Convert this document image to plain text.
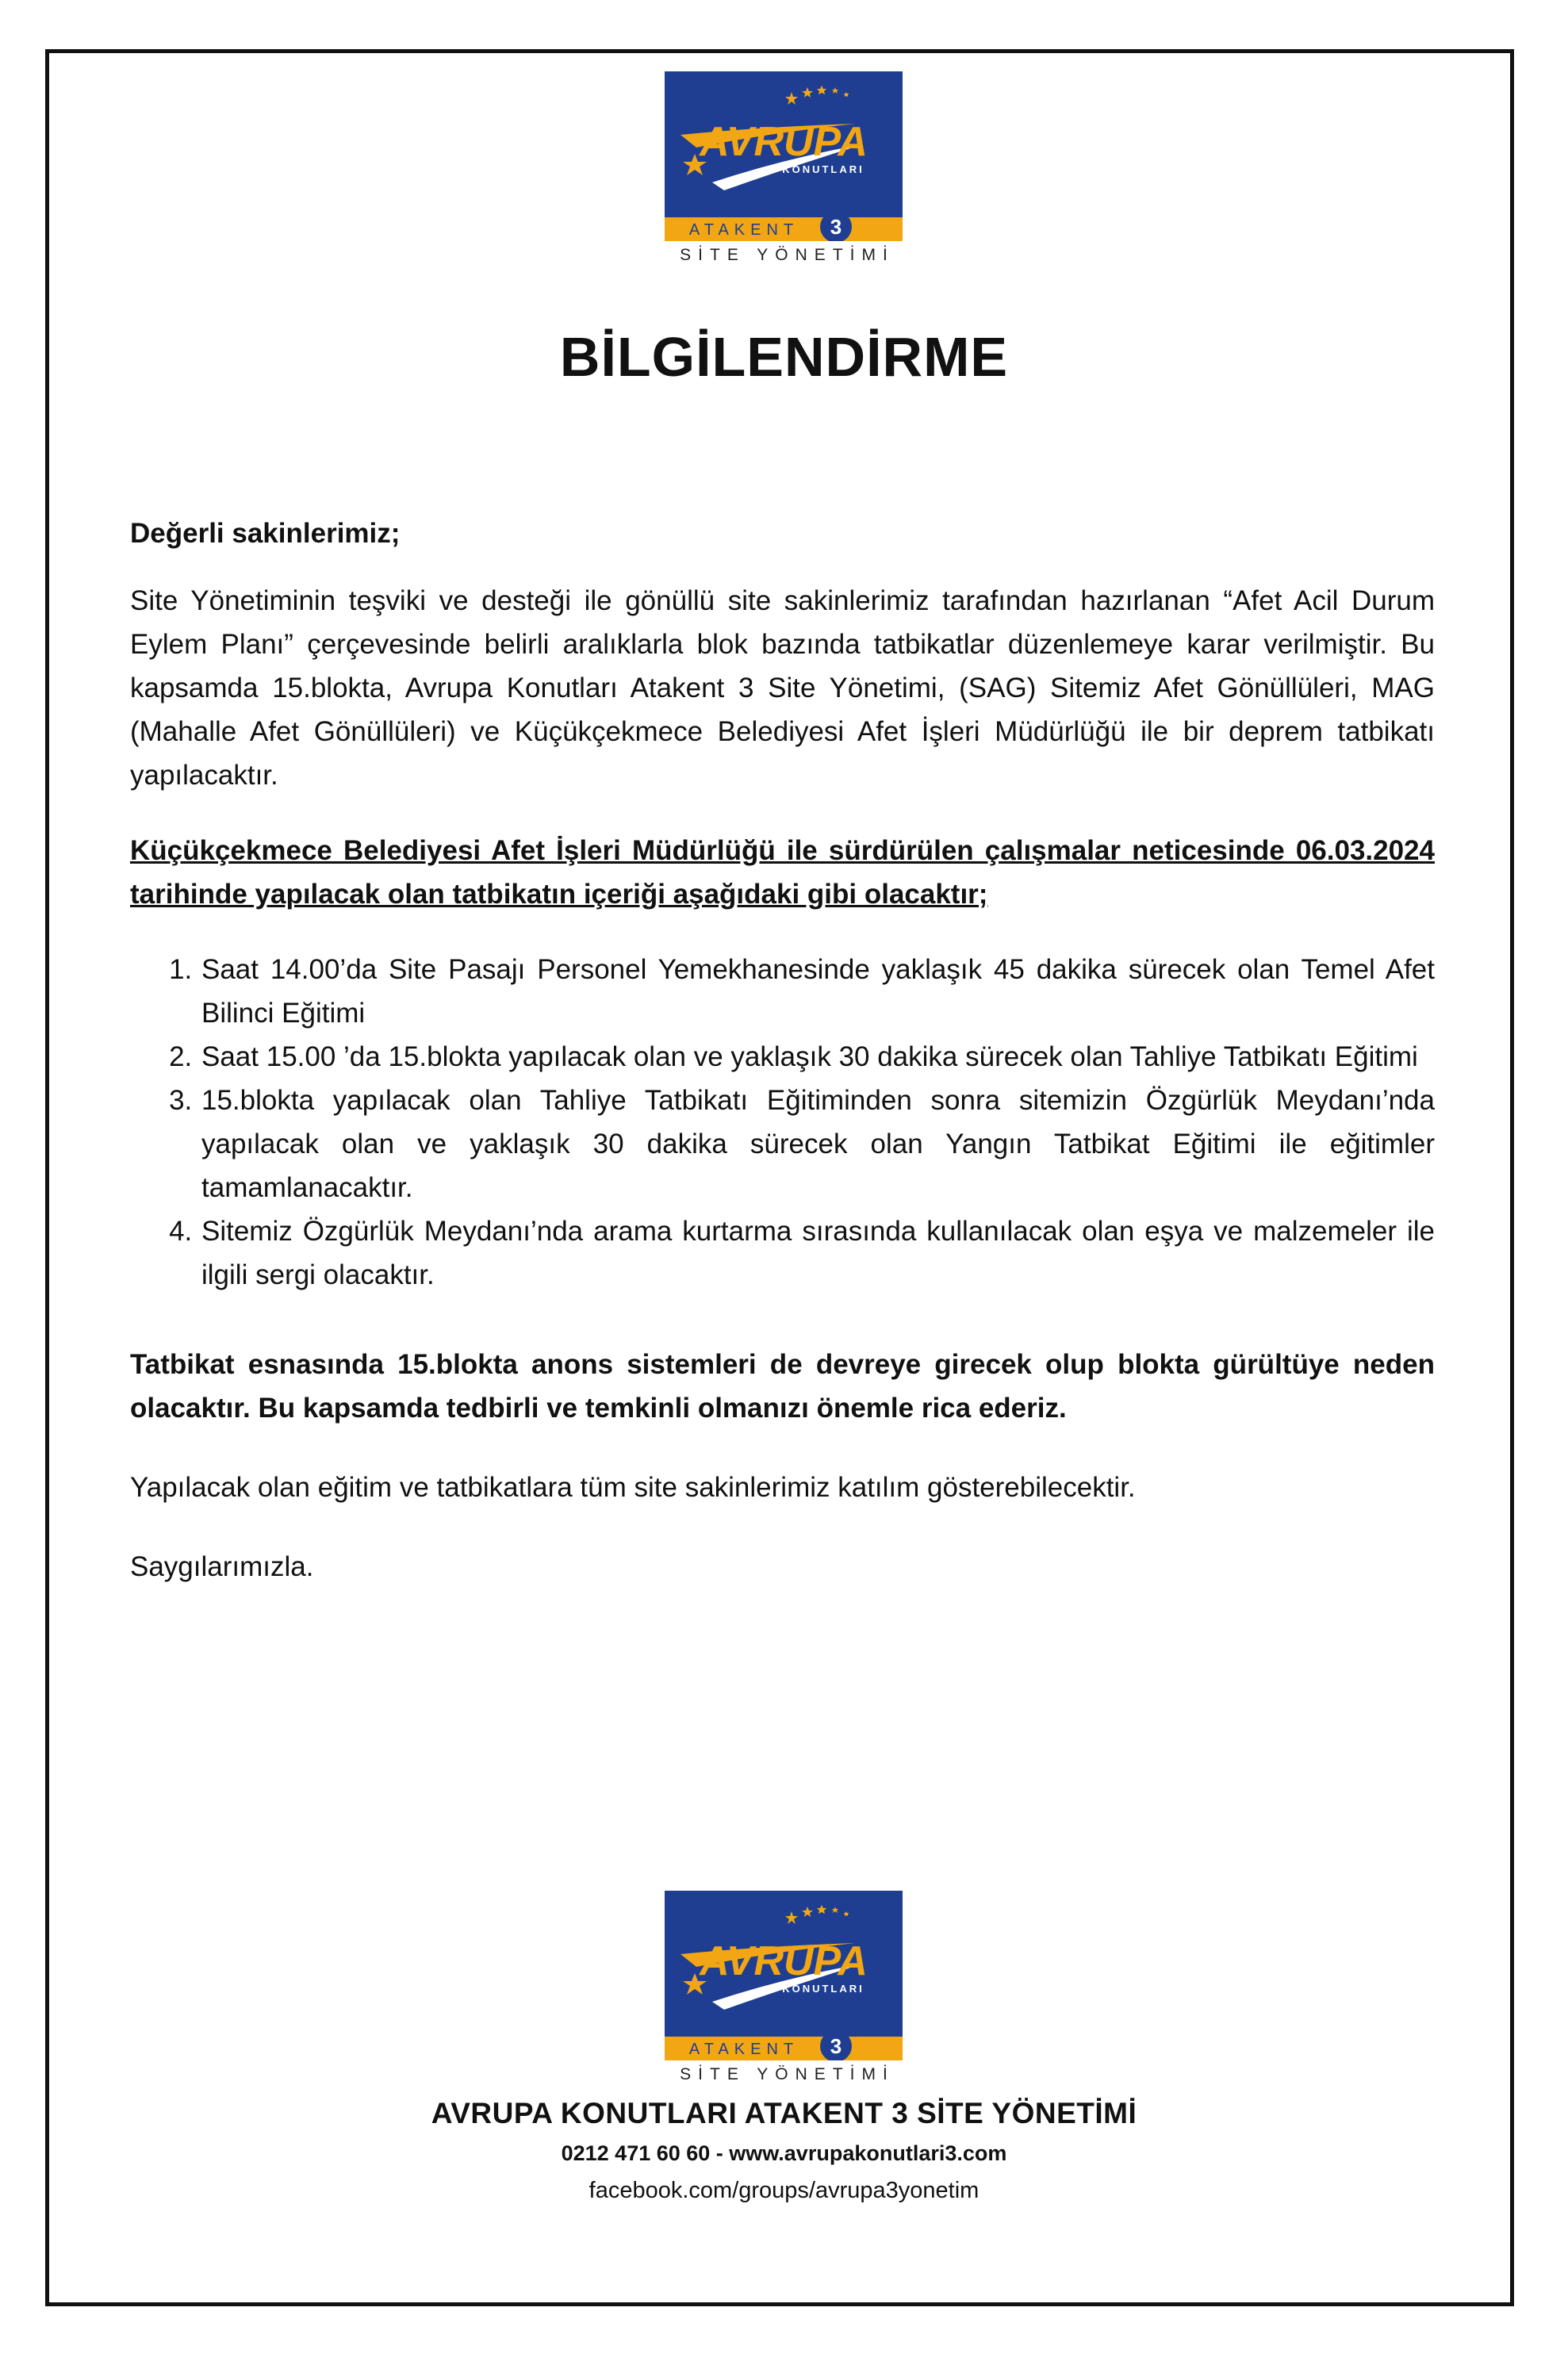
AVRUPA
KONUTLARI
ATAKENT 3
SİTE YÖNETİMİ
BİLGİLENDİRME

Değerli sakinlerimiz;

Site Yönetiminin teşviki ve desteği ile gönüllü site sakinlerimiz tarafından hazırlanan “Afet Acil Durum Eylem Planı” çerçevesinde belirli aralıklarla blok bazında tatbikatlar düzenlemeye karar verilmiştir. Bu kapsamda 15.blokta, Avrupa Konutları Atakent 3 Site Yönetimi, (SAG) Sitemiz Afet Gönüllüleri, MAG (Mahalle Afet Gönüllüleri) ve Küçükçekmece Belediyesi Afet İşleri Müdürlüğü ile bir deprem tatbikatı yapılacaktır.

Küçükçekmece Belediyesi Afet İşleri Müdürlüğü ile sürdürülen çalışmalar neticesinde 06.03.2024 tarihinde yapılacak olan tatbikatın içeriği aşağıdaki gibi olacaktır;

1. Saat 14.00’da Site Pasajı Personel Yemekhanesinde yaklaşık 45 dakika sürecek olan Temel Afet Bilinci Eğitimi
2. Saat 15.00 ’da 15.blokta yapılacak olan ve yaklaşık 30 dakika sürecek olan Tahliye Tatbikatı Eğitimi
3. 15.blokta yapılacak olan Tahliye Tatbikatı Eğitiminden sonra sitemizin Özgürlük Meydanı’nda yapılacak olan ve yaklaşık 30 dakika sürecek olan Yangın Tatbikat Eğitimi ile eğitimler tamamlanacaktır.
4. Sitemiz Özgürlük Meydanı’nda arama kurtarma sırasında kullanılacak olan eşya ve malzemeler ile ilgili sergi olacaktır.

Tatbikat esnasında 15.blokta anons sistemleri de devreye girecek olup blokta gürültüye neden olacaktır. Bu kapsamda tedbirli ve temkinli olmanızı önemle rica ederiz.

Yapılacak olan eğitim ve tatbikatlara tüm site sakinlerimiz katılım gösterebilecektir.

Saygılarımızla.

AVRUPA
KONUTLARI
ATAKENT 3
SİTE YÖNETİMİ
AVRUPA KONUTLARI ATAKENT 3 SİTE YÖNETİMİ
0212 471 60 60 - www.avrupakonutlari3.com
facebook.com/groups/avrupa3yonetim
